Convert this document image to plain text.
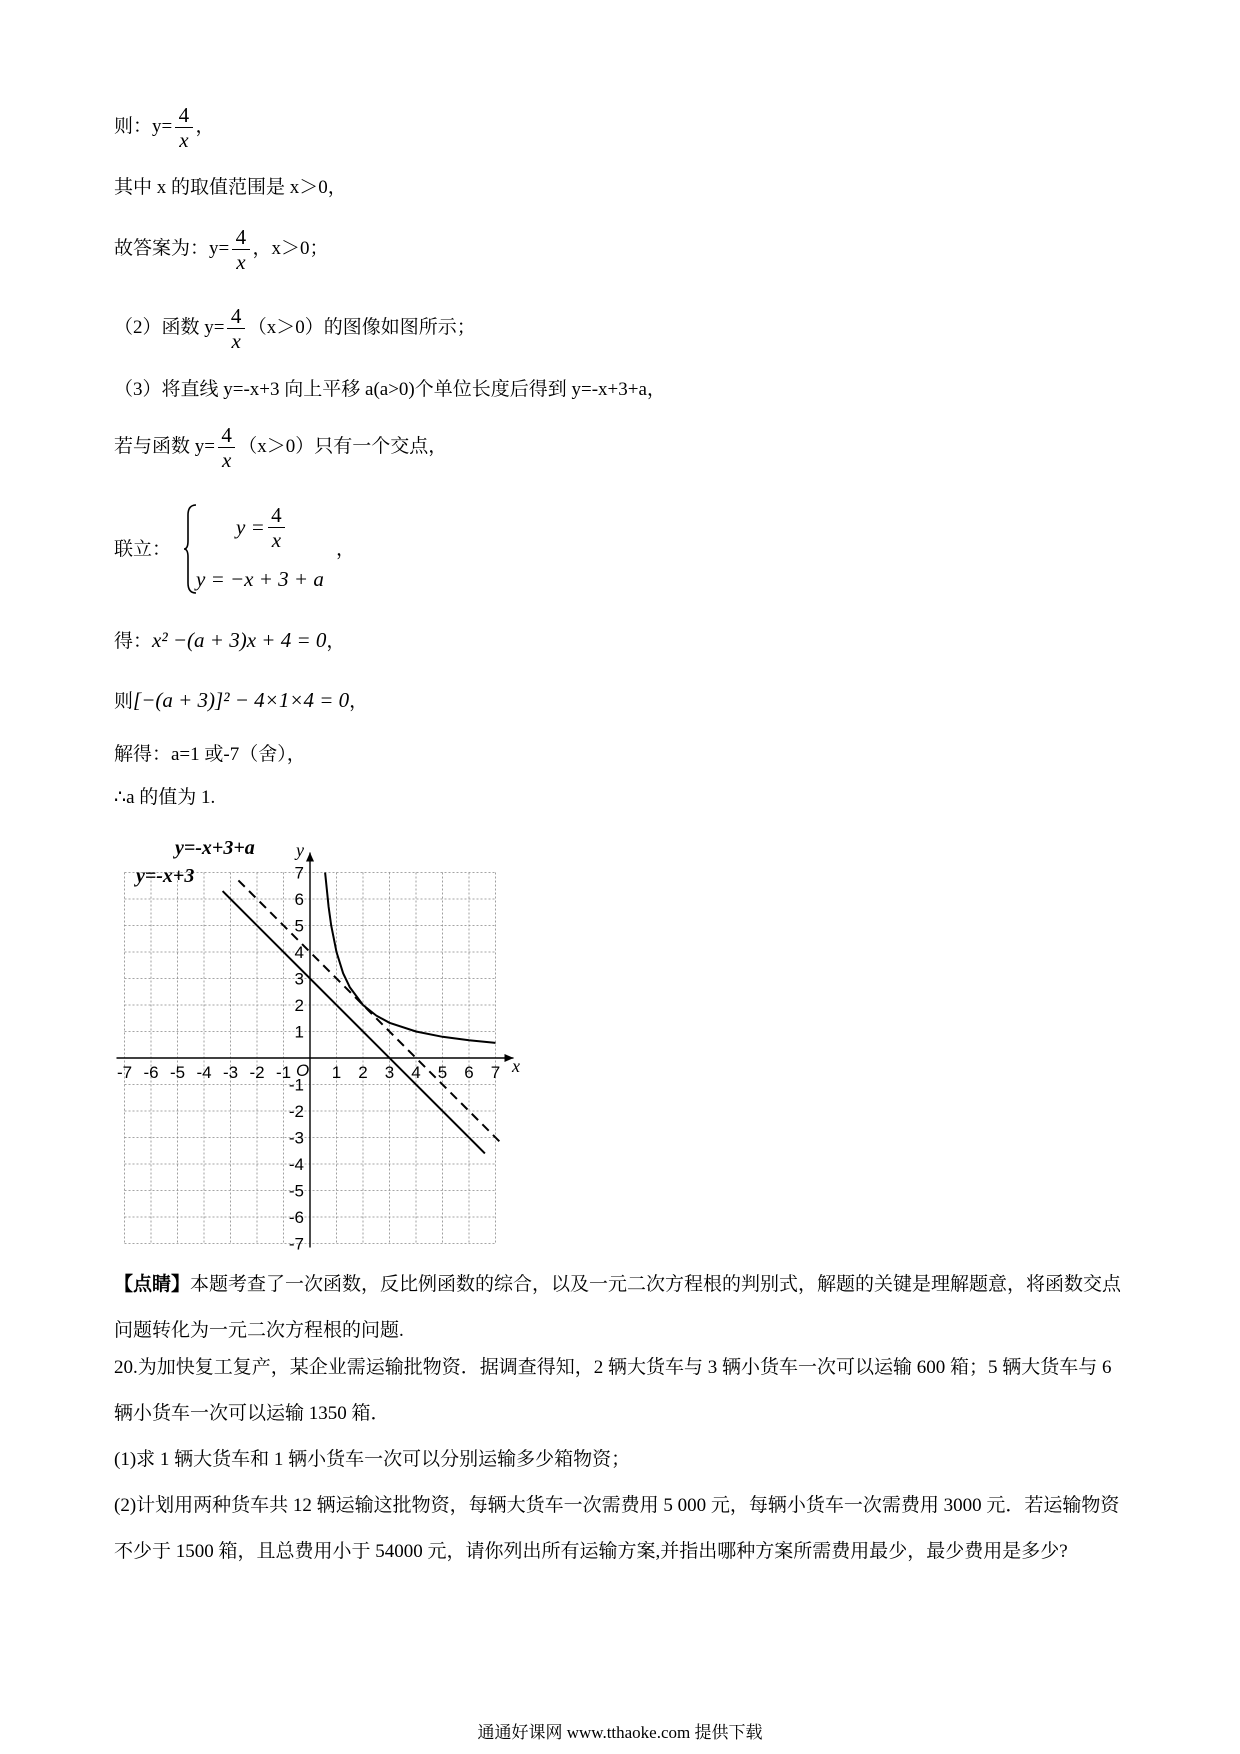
则：$y= \frac{4}{x}$ ，
其中 x 的取值范围是 x＞0，
故答案为：$y= \frac{4}{x}$ ，x＞0；
（2）函数 $y= \frac{4}{x} (x>0)$的图像如图所示；
（3）将直线 y=-x+3 向上平移 a(a>0)个单位长度后得到 y=-x+3+a，
若与函数 $y= \frac{4}{x} (x>0)$只有一个交点，
联立：
$y = \frac{4}{x}$
y = −x + 3 + a
，
得：x² −(a + 3)x + 4 = 0，
则[−(a + 3)]² − 4×1×4 = 0，
解得：a=1 或-7（舍），
∴a 的值为 1.
-7 -6 -5 -4 -3 -2 -1 1 2 3 4 5 6 7
7
6
5
4
3
2
1
-1
-2
-3
-4
-5
-6
-7
y=-x+3+a
y=-x+3
y
x
O
【点睛】本题考查了一次函数，反比例函数的综合，以及一元二次方程根的判别式，解题的关键是理解题意，将函数交点问题转化为一元二次方程根的问题.
20.为加快复工复产，某企业需运输批物资．据调查得知，2 辆大货车与 3 辆小货车一次可以运输 600 箱；5 辆大货车与 6 辆小货车一次可以运输 1350 箱．
(1)求 1 辆大货车和 1 辆小货车一次可以分别运输多少箱物资；
(2)计划用两种货车共 12 辆运输这批物资，每辆大货车一次需费用 5 000 元，每辆小货车一次需费用 3000 元．若运输物资不少于 1500 箱，且总费用小于 54000 元，请你列出所有运输方案,并指出哪种方案所需费用最少，最少费用是多少?
通通好课网 www.tthaoke.com 提供下载
